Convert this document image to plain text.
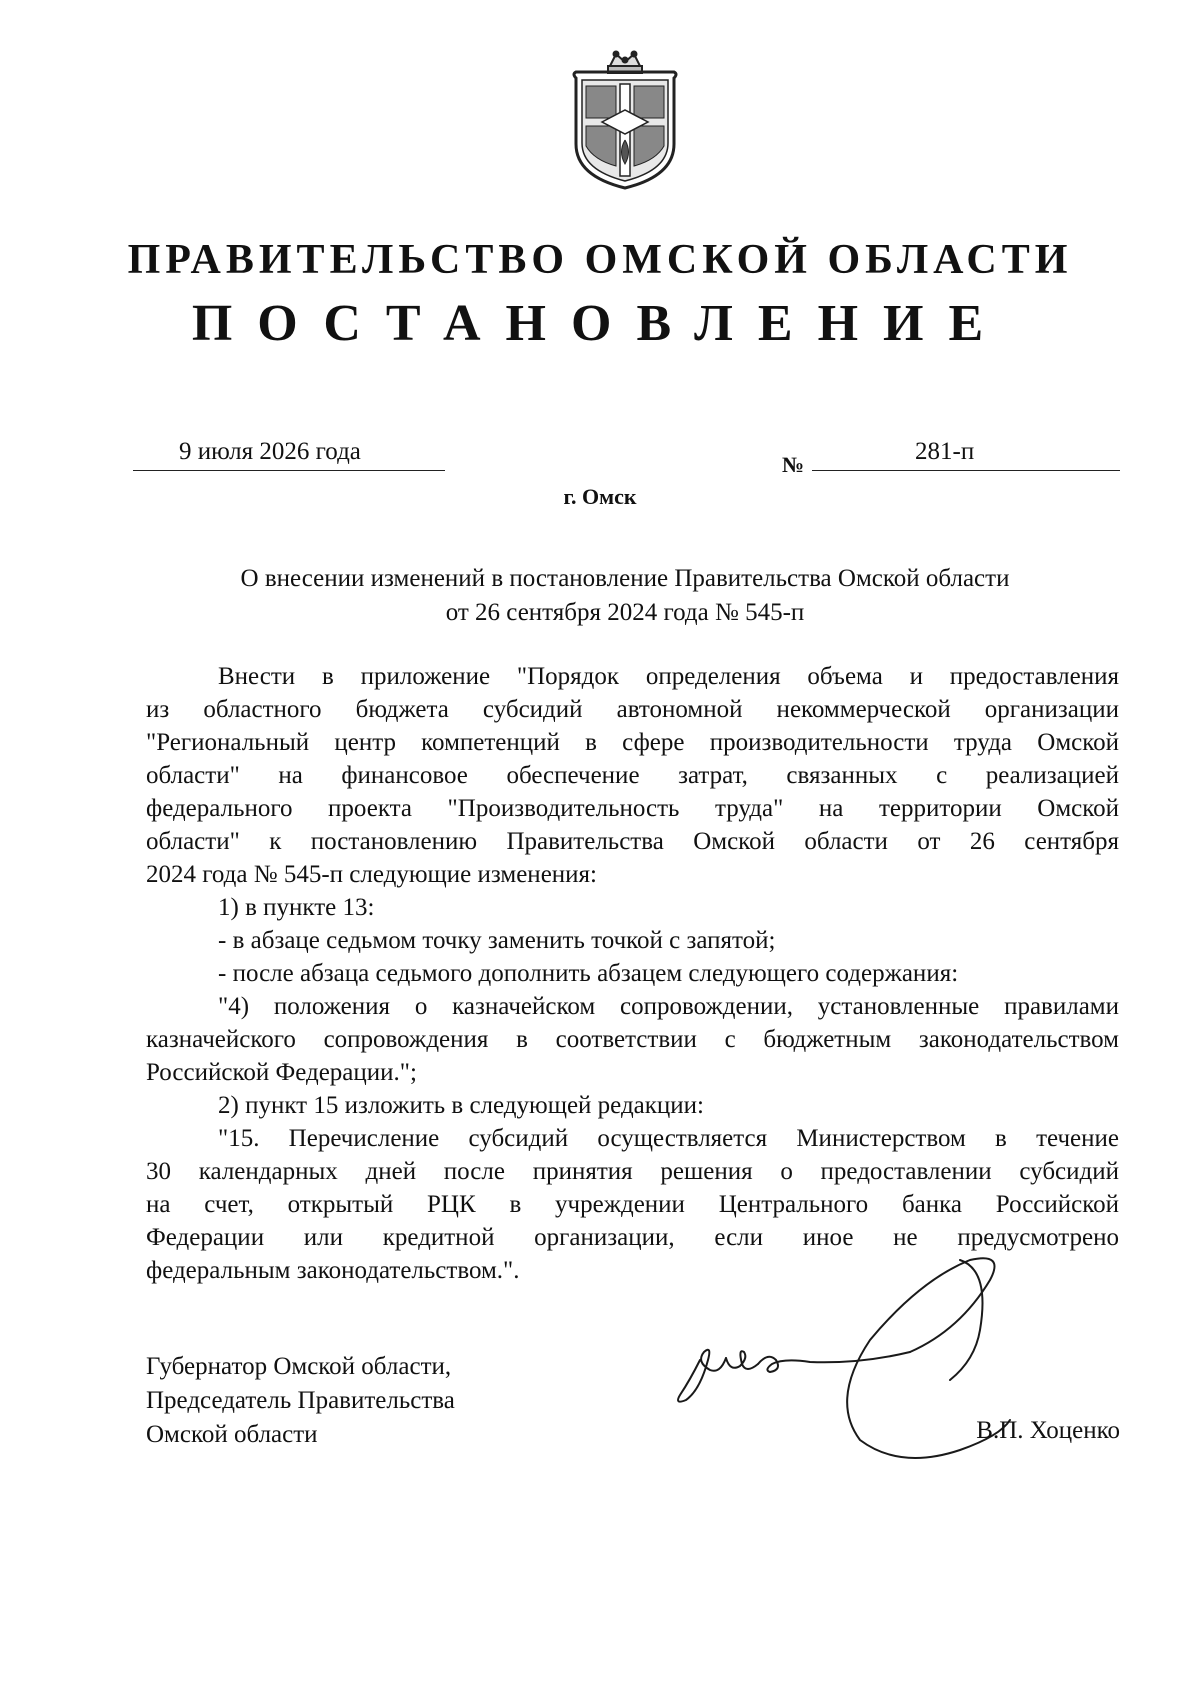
ПРАВИТЕЛЬСТВО ОМСКОЙ ОБЛАСТИ
ПОСТАНОВЛЕНИЕ
9 июля 2026 года	№	281-п
г. Омск
О внесении изменений в постановление Правительства Омской области
от 26 сентября 2024 года № 545-п

Внести в приложение "Порядок определения объема и предоставления

из областного бюджета субсидий автономной некоммерческой организации

"Региональный центр компетенций в сфере производительности труда Омской

области" на финансовое обеспечение затрат, связанных с реализацией

федерального проекта "Производительность труда" на территории Омской

области" к постановлению Правительства Омской области от 26 сентября

2024 года № 545-п следующие изменения:

1) в пункте 13:

- в абзаце седьмом точку заменить точкой с запятой;

- после абзаца седьмого дополнить абзацем следующего содержания:

"4) положения о казначейском сопровождении, установленные правилами

казначейского сопровождения в соответствии с бюджетным законодательством

Российской Федерации.";

2) пункт 15 изложить в следующей редакции:

"15. Перечисление субсидий осуществляется Министерством в течение

30 календарных дней после принятия решения о предоставлении субсидий

на счет, открытый РЦК в учреждении Центрального банка Российской

Федерации или кредитной организации, если иное не предусмотрено

федеральным законодательством.".

Губернатор Омской области,
Председатель Правительства
Омской области	В.П. Хоценко
